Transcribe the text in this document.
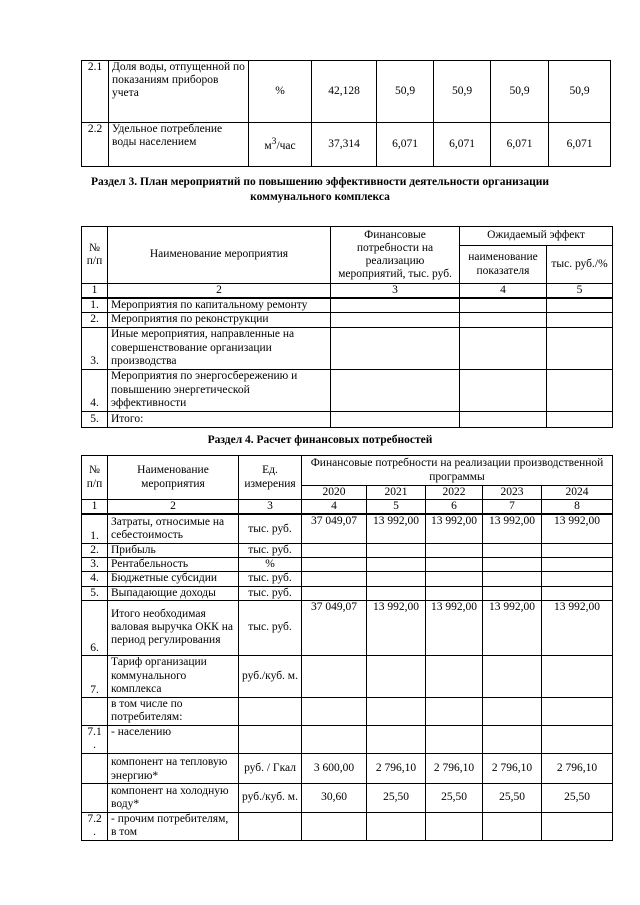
2.1	Доля воды, отпущенной по показаниям приборов учета	%	42,128	50,9	50,9	50,9	50,9
2.2	Удельное потребление воды населением	$м^3$/час	37,314	6,071	6,071	6,071	6,071
Раздел 3. План мероприятий по повышению эффективности деятельности организации
коммунального комплекса
№ п/п	Наименование мероприятия	Финансовые потребности на реализацию мероприятий, тыс. руб.	Ожидаемый эффект	
			наименование показателя	тыс. руб./%
1	2	3	4	5
1.	Мероприятия по капитальному ремонту			
2.	Мероприятия по реконструкции			
3.	Иные мероприятия, направленные на совершенствование организации производства			
4.	Мероприятия по энергосбережению и повышению энергетической эффективности			
5.	Итого:			
Раздел 4. Расчет финансовых потребностей
№ п/п	Наименование мероприятия	Ед. измерения	Финансовые потребности на реализации производственной программы				
			2020	2021	2022	2023	2024
1	2	3	4	5	6	7	8
1.	Затраты, относимые на себестоимость	тыс. руб.	37 049,07	13 992,00	13 992,00	13 992,00	13 992,00
2.	Прибыль	тыс. руб.					
3.	Рентабельность	%					
4.	Бюджетные субсидии	тыс. руб.					
5.	Выпадающие доходы	тыс. руб.					
6.	Итого необходимая валовая выручка ОКК на период регулирования	тыс. руб.	37 049,07	13 992,00	13 992,00	13 992,00	13 992,00
7.	Тариф организации коммунального комплекса	руб./куб. м.					
	в том числе по потребителям:						
7.1 .	- населению						
	компонент на тепловую энергию*	руб. / Гкал	3 600,00	2 796,10	2 796,10	2 796,10	2 796,10
	компонент на холодную воду*	руб./куб. м.	30,60	25,50	25,50	25,50	25,50
7.2 .	- прочим потребителям, в том						
